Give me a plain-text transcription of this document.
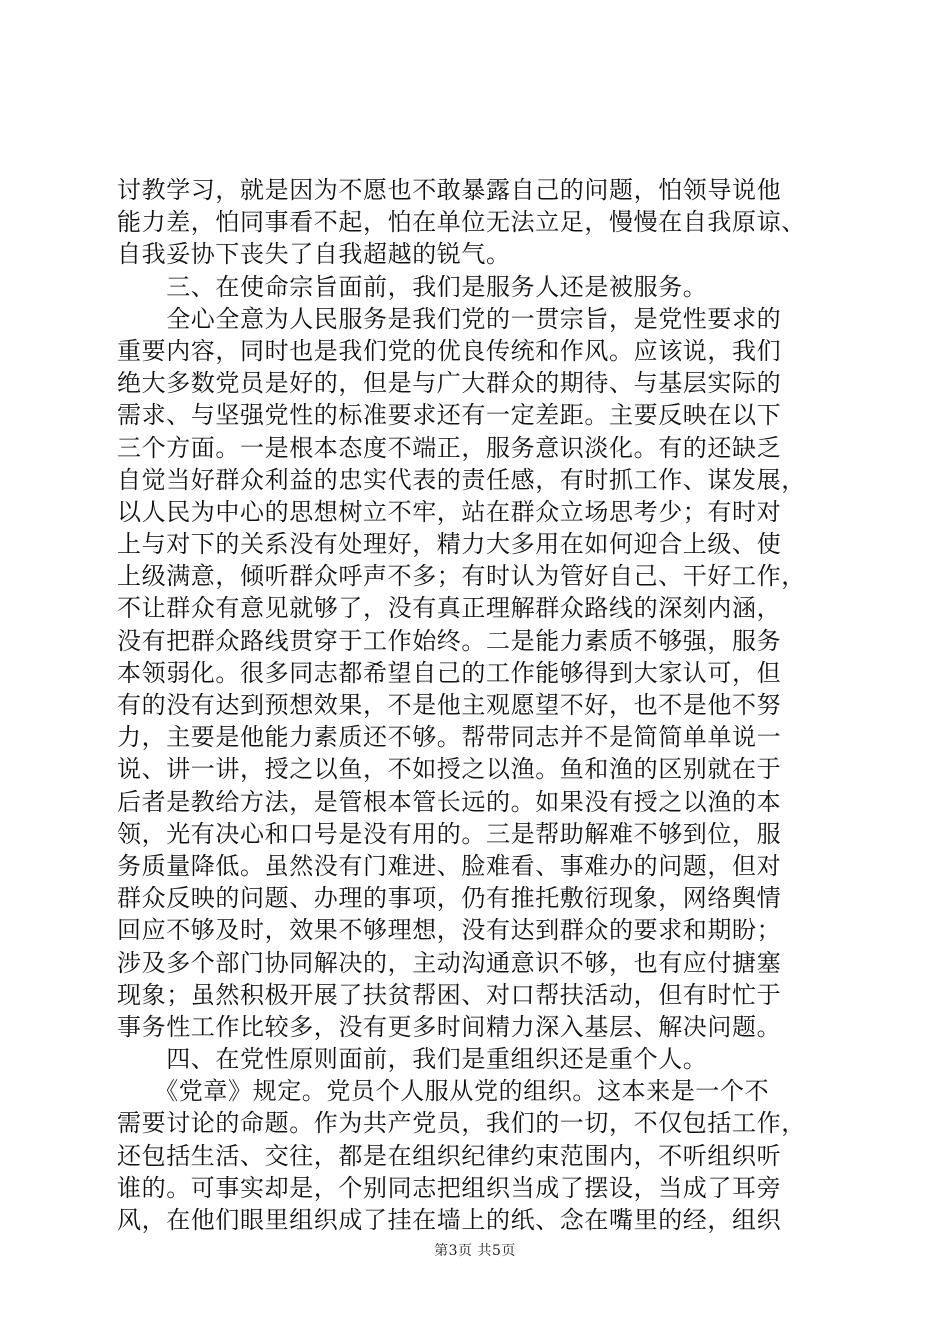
讨教学习，就是因为不愿也不敢暴露自己的问题，怕领导说他
能力差，怕同事看不起，怕在单位无法立足，慢慢在自我原谅、
自我妥协下丧失了自我超越的锐气。
　　三、在使命宗旨面前，我们是服务人还是被服务。
　　全心全意为人民服务是我们党的一贯宗旨，是党性要求的
重要内容，同时也是我们党的优良传统和作风。应该说，我们
绝大多数党员是好的，但是与广大群众的期待、与基层实际的
需求、与坚强党性的标准要求还有一定差距。主要反映在以下
三个方面。一是根本态度不端正，服务意识淡化。有的还缺乏
自觉当好群众利益的忠实代表的责任感，有时抓工作、谋发展，
以人民为中心的思想树立不牢，站在群众立场思考少；有时对
上与对下的关系没有处理好，精力大多用在如何迎合上级、使
上级满意，倾听群众呼声不多；有时认为管好自己、干好工作，
不让群众有意见就够了，没有真正理解群众路线的深刻内涵，
没有把群众路线贯穿于工作始终。二是能力素质不够强，服务
本领弱化。很多同志都希望自己的工作能够得到大家认可，但
有的没有达到预想效果，不是他主观愿望不好，也不是他不努
力，主要是他能力素质还不够。帮带同志并不是简简单单说一
说、讲一讲，授之以鱼，不如授之以渔。鱼和渔的区别就在于
后者是教给方法，是管根本管长远的。如果没有授之以渔的本
领，光有决心和口号是没有用的。三是帮助解难不够到位，服
务质量降低。虽然没有门难进、脸难看、事难办的问题，但对
群众反映的问题、办理的事项，仍有推托敷衍现象，网络舆情
回应不够及时，效果不够理想，没有达到群众的要求和期盼；
涉及多个部门协同解决的，主动沟通意识不够，也有应付搪塞
现象；虽然积极开展了扶贫帮困、对口帮扶活动，但有时忙于
事务性工作比较多，没有更多时间精力深入基层、解决问题。
　　四、在党性原则面前，我们是重组织还是重个人。
　　《党章》规定。党员个人服从党的组织。这本来是一个不
需要讨论的命题。作为共产党员，我们的一切，不仅包括工作，
还包括生活、交往，都是在组织纪律约束范围内，不听组织听
谁的。可事实却是，个别同志把组织当成了摆设，当成了耳旁
风，在他们眼里组织成了挂在墙上的纸、念在嘴里的经，组织
第3页 共5页
